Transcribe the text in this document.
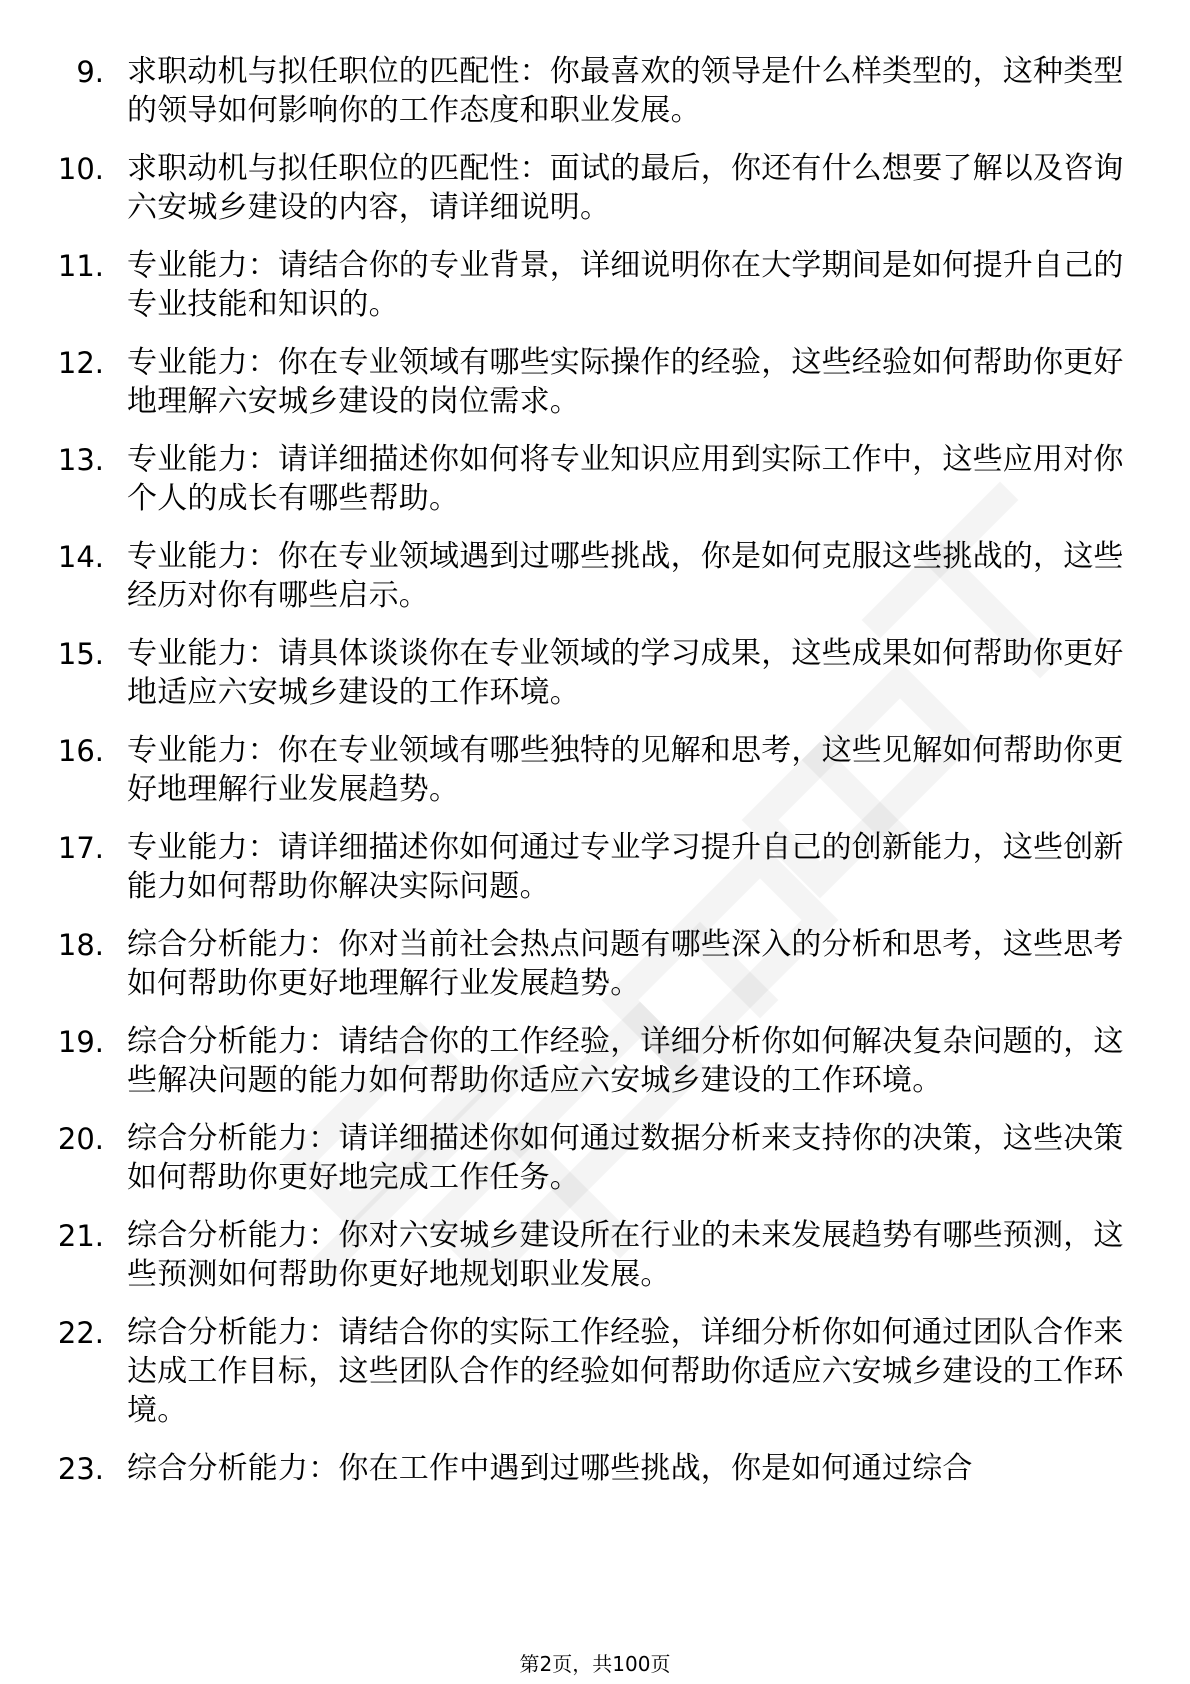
9. 求职动机与拟任职位的匹配性：你最喜欢的领导是什么样类型的，这种类型的领导如何影响你的工作态度和职业发展。
10. 求职动机与拟任职位的匹配性：面试的最后，你还有什么想要了解以及咨询六安城乡建设的内容，请详细说明。
11. 专业能力：请结合你的专业背景，详细说明你在大学期间是如何提升自己的专业技能和知识的。
12. 专业能力：你在专业领域有哪些实际操作的经验，这些经验如何帮助你更好地理解六安城乡建设的岗位需求。
13. 专业能力：请详细描述你如何将专业知识应用到实际工作中，这些应用对你个人的成长有哪些帮助。
14. 专业能力：你在专业领域遇到过哪些挑战，你是如何克服这些挑战的，这些经历对你有哪些启示。
15. 专业能力：请具体谈谈你在专业领域的学习成果，这些成果如何帮助你更好地适应六安城乡建设的工作环境。
16. 专业能力：你在专业领域有哪些独特的见解和思考，这些见解如何帮助你更好地理解行业发展趋势。
17. 专业能力：请详细描述你如何通过专业学习提升自己的创新能力，这些创新能力如何帮助你解决实际问题。
18. 综合分析能力：你对当前社会热点问题有哪些深入的分析和思考，这些思考如何帮助你更好地理解行业发展趋势。
19. 综合分析能力：请结合你的工作经验，详细分析你如何解决复杂问题的，这些解决问题的能力如何帮助你适应六安城乡建设的工作环境。
20. 综合分析能力：请详细描述你如何通过数据分析来支持你的决策，这些决策如何帮助你更好地完成工作任务。
21. 综合分析能力：你对六安城乡建设所在行业的未来发展趋势有哪些预测，这些预测如何帮助你更好地规划职业发展。
22. 综合分析能力：请结合你的实际工作经验，详细分析你如何通过团队合作来达成工作目标，这些团队合作的经验如何帮助你适应六安城乡建设的工作环境。
23. 综合分析能力：你在工作中遇到过哪些挑战，你是如何通过综合
第2页，共100页
